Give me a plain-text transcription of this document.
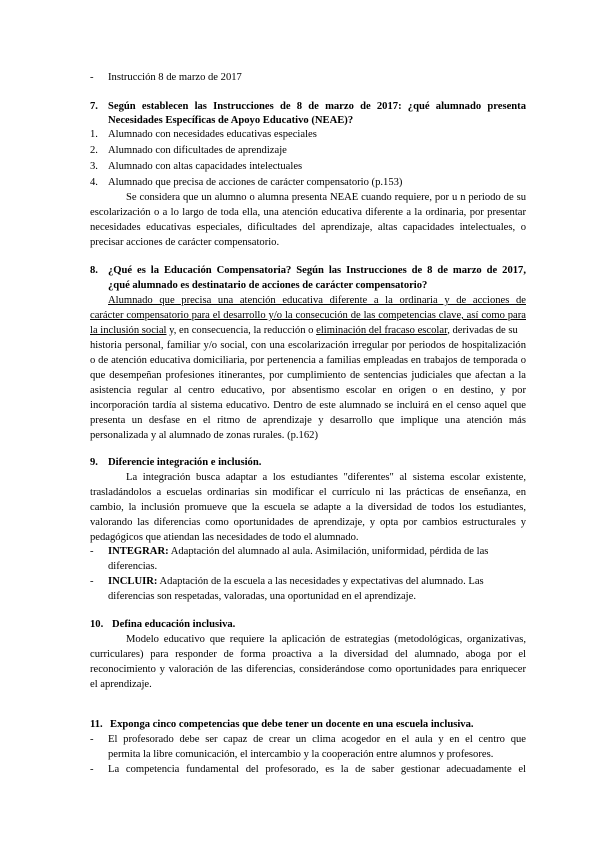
- Instrucción 8 de marzo de 2017
7. Según establecen las Instrucciones de 8 de marzo de 2017: ¿qué alumnado presenta
Necesidades Específicas de Apoyo Educativo (NEAE)?
1. Alumnado con necesidades educativas especiales
2. Alumnado con dificultades de aprendizaje
3. Alumnado con altas capacidades intelectuales
4. Alumnado que precisa de acciones de carácter compensatorio (p.153)
Se considera que un alumno o alumna presenta NEAE cuando requiere, por u n periodo de su
escolarización o a lo largo de toda ella, una atención educativa diferente a la ordinaria, por presentar
necesidades educativas especiales, dificultades del aprendizaje, altas capacidades intelectuales, o
precisar acciones de carácter compensatorio.
8. ¿Qué es la Educación Compensatoria? Según las Instrucciones de 8 de marzo de 2017,
¿qué alumnado es destinatario de acciones de carácter compensatorio?
Alumnado que precisa una atención educativa diferente a la ordinaria y de acciones de
carácter compensatorio para el desarrollo y/o la consecución de las competencias clave, así como para
la inclusión social y, en consecuencia, la reducción o eliminación del fracaso escolar, derivadas de su
historia personal, familiar y/o social, con una escolarización irregular por periodos de hospitalización
o de atención educativa domiciliaria, por pertenencia a familias empleadas en trabajos de temporada o
que desempeñan profesiones itinerantes, por cumplimiento de sentencias judiciales que afectan a la
asistencia regular al centro educativo, por absentismo escolar en origen o en destino, y por
incorporación tardía al sistema educativo. Dentro de este alumnado se incluirá en el censo aquel que
presenta un desfase en el ritmo de aprendizaje y desarrollo que implique una atención más
personalizada y al alumnado de zonas rurales. (p.162)
9. Diferencie integración e inclusión.
La integración busca adaptar a los estudiantes "diferentes" al sistema escolar existente,
trasladándolos a escuelas ordinarias sin modificar el currículo ni las prácticas de enseñanza, en
cambio, la inclusión promueve que la escuela se adapte a la diversidad de todos los estudiantes,
valorando las diferencias como oportunidades de aprendizaje, y opta por cambios estructurales y
pedagógicos que atiendan las necesidades de todo el alumnado.
- INTEGRAR: Adaptación del alumnado al aula. Asimilación, uniformidad, pérdida de las
diferencias.
- INCLUIR: Adaptación de la escuela a las necesidades y expectativas del alumnado. Las
diferencias son respetadas, valoradas, una oportunidad en el aprendizaje.
10. Defina educación inclusiva.
Modelo educativo que requiere la aplicación de estrategias (metodológicas, organizativas,
curriculares) para responder de forma proactiva a la diversidad del alumnado, aboga por el
reconocimiento y valoración de las diferencias, considerándose como oportunidades para enriquecer
el aprendizaje.
11. Exponga cinco competencias que debe tener un docente en una escuela inclusiva.
- El profesorado debe ser capaz de crear un clima acogedor en el aula y en el centro que
permita la libre comunicación, el intercambio y la cooperación entre alumnos y profesores.
- La competencia fundamental del profesorado, es la de saber gestionar adecuadamente el
